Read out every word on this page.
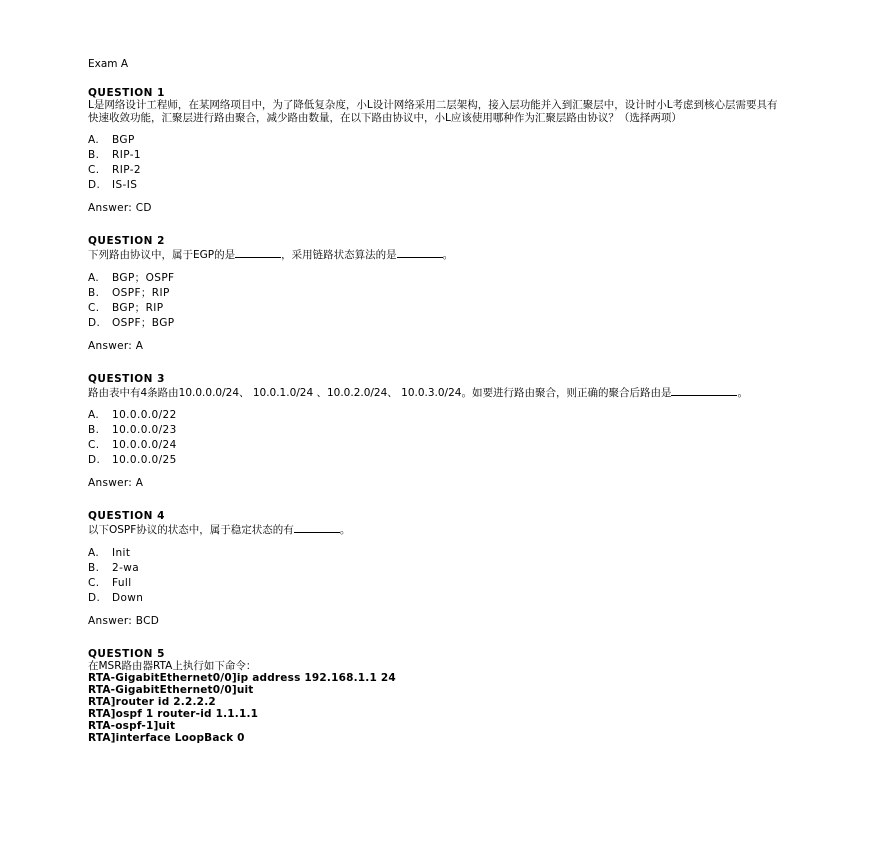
Exam A
QUESTION 1

L是网络设计工程师，在某网络项目中，为了降低复杂度，小L设计网络采用二层架构，接入层功能并入到汇聚层中，设计时小L考虑到核心层需要具有快速收敛功能，汇聚层进行路由聚合，减少路由数量，在以下路由协议中，小L应该使用哪种作为汇聚层路由协议？（选择两项）

A. BGP
B. RIP-1
C. RIP-2
D. IS-IS
Answer: CD
QUESTION 2

下列路由协议中，属于EGP的是	，采用链路状态算法的是	。

A. BGP；OSPF
B. OSPF；RIP
C. BGP；RIP
D. OSPF；BGP
Answer: A
QUESTION 3

路由表中有4条路由10.0.0.0/24、 10.0.1.0/24 、10.0.2.0/24、 10.0.3.0/24。如要进行路由聚合，则正确的聚合后路由是	。

A. 10.0.0.0/22
B. 10.0.0.0/23
C. 10.0.0.0/24
D. 10.0.0.0/25
Answer: A
QUESTION 4

以下OSPF协议的状态中，属于稳定状态的有	。

A. Init
B. 2-wa
C. Full
D. Down
Answer: BCD
QUESTION 5

在MSR路由器RTA上执行如下命令：

RTA-GigabitEthernet0/0]ip address 192.168.1.1 24
RTA-GigabitEthernet0/0]uit
RTA]router id 2.2.2.2
RTA]ospf 1 router-id 1.1.1.1
RTA-ospf-1]uit
RTA]interface LoopBack 0
